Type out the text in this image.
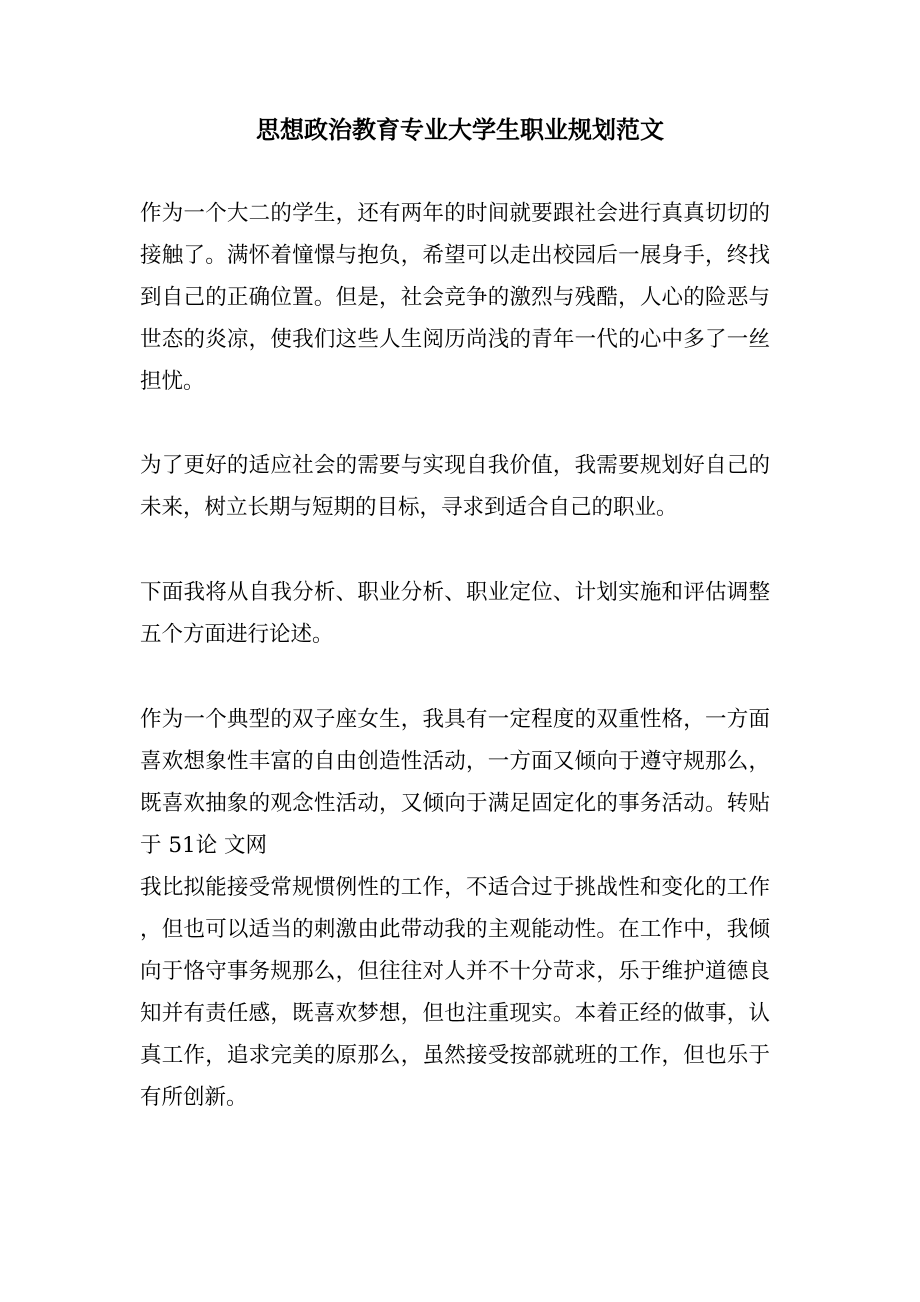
思想政治教育专业大学生职业规划范文
作为一个大二的学生，还有两年的时间就要跟社会进行真真切切的
接触了。满怀着憧憬与抱负，希望可以走出校园后一展身手，终找
到自己的正确位置。但是，社会竞争的激烈与残酷，人心的险恶与
世态的炎凉，使我们这些人生阅历尚浅的青年一代的心中多了一丝
担忧。
为了更好的适应社会的需要与实现自我价值，我需要规划好自己的
未来，树立长期与短期的目标，寻求到适合自己的职业。
下面我将从自我分析、职业分析、职业定位、计划实施和评估调整
五个方面进行论述。
作为一个典型的双子座女生，我具有一定程度的双重性格，一方面
喜欢想象性丰富的自由创造性活动，一方面又倾向于遵守规那么，
既喜欢抽象的观念性活动，又倾向于满足固定化的事务活动。转贴
于 51论 文网
我比拟能接受常规惯例性的工作，不适合过于挑战性和变化的工作
，但也可以适当的刺激由此带动我的主观能动性。在工作中，我倾
向于恪守事务规那么，但往往对人并不十分苛求，乐于维护道德良
知并有责任感，既喜欢梦想，但也注重现实。本着正经的做事，认
真工作，追求完美的原那么，虽然接受按部就班的工作，但也乐于
有所创新。
